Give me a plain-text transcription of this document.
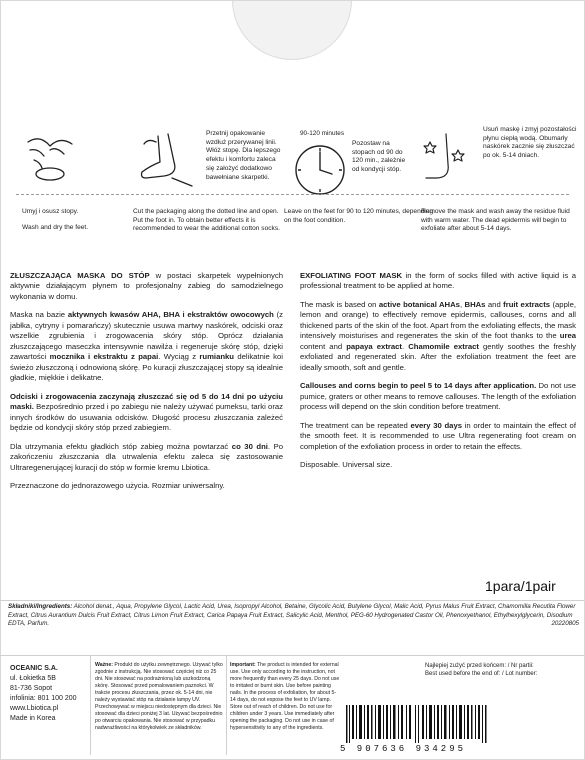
Umyj i osusz stopy.
Wash and dry the feet.
Przetnij opakowanie wzdłuż przerywanej linii. Włóż stopę. Dla lepszego efektu i komfortu zaleca się założyć dodatkowo bawełniane skarpetki.
Cut the packaging along the dotted line and open. Put the foot in. To obtain better effects it is recommended to wear the additional cotton socks.
90-120 minutes
Pozostaw na stopach od 90 do 120 min., zależnie od kondycji stóp.
Leave on the feet for 90 to 120 minutes, depending on the foot condition.
Usuń maskę i zmyj pozostałości płynu ciepłą wodą. Obumarły naskórek zacznie się złuszczać po ok. 5-14 dniach.
Remove the mask and wash away the residue fluid with warm water. The dead epidermis will begin to exfoliate after about 5-14 days.

ZŁUSZCZAJĄCA MASKA DO STÓP w postaci skarpetek wypełnionych aktywnie działającym płynem to profesjonalny zabieg do samodzielnego wykonania w domu.

Maska na bazie aktywnych kwasów AHA, BHA i ekstraktów owocowych (z jabłka, cytryny i pomarańczy) skutecznie usuwa martwy naskórek, odciski oraz wszelkie zgrubienia i zrogowacenia skóry stóp. Oprócz działania złuszczającego maseczka intensywnie nawilża i regeneruje skórę stóp, dzięki zawartości mocznika i ekstraktu z papai. Wyciąg z rumianku delikatnie koi świeżo złuszczoną i odnowioną skórę. Po kuracji złuszczającej stopy są idealnie gładkie, miękkie i delikatne.

Odciski i zrogowacenia zaczynają złuszczać się od 5 do 14 dni po użyciu maski. Bezpośrednio przed i po zabiegu nie należy używać pumeksu, tarki oraz innych środków do usuwania odcisków. Długość procesu złuszczania zależeć będzie od kondycji skóry stóp przed zabiegiem.

Dla utrzymania efektu gładkich stóp zabieg można powtarzać co 30 dni. Po zakończeniu złuszczania dla utrwalenia efektu zaleca się zastosowanie Ultraregenerującej kuracji do stóp w formie kremu Lbiotica.

Przeznaczone do jednorazowego użycia. Rozmiar uniwersalny.

EXFOLIATING FOOT MASK in the form of socks filled with active liquid is a professional treatment to be applied at home.

The mask is based on active botanical AHAs, BHAs and fruit extracts (apple, lemon and orange) to effectively remove epidermis, callouses, corns and all thickened parts of the skin of the foot. Apart from the exfoliating effects, the mask intensively moisturises and regenerates the skin of the foot thanks to the urea content and papaya extract. Chamomile extract gently soothes the freshly exfoliated and regenerated skin. After the exfoliation treatment the feet are ideally smooth, soft and gentle.

Callouses and corns begin to peel 5 to 14 days after application. Do not use pumice, graters or other means to remove callouses. The length of the exfoliation process will depend on the skin condition before treatment.

The treatment can be repeated every 30 days in order to maintain the effect of the smooth feet. It is recommended to use Ultra regenerating foot cream on completion of the exfoliation process in order to retain the effects.

Disposable. Universal size.

1para/1pair
Składniki/Ingredients: Alcohol denat., Aqua, Propylene Glycol, Lactic Acid, Urea, Isopropyl Alcohol, Betaine, Glycolic Acid, Butylene Glycol, Malic Acid, Pyrus Malus Fruit Extract, Chamomilla Recutita Flower Extract, Citrus Aurantium Dulcis Fruit Extract, Citrus Limon Fruit Extract, Carica Papaya Fruit Extract, Salicylic Acid, Menthol, PEG-60 Hydrogenated Castor Oil, Phenoxyethanol, Ethylhexylglycerin, Disodium EDTA, Parfum.	20220805
OCEANIC S.A.
ul. Łokietka 5B
81-736 Sopot
infolinia: 801 100 200
www.Lbiotica.pl
Made in Korea
Ważne: Produkt do użytku zewnętrznego. Używać tylko zgodnie z instrukcją. Nie stosować częściej niż co 25 dni. Nie stosować na podrażnioną lub uszkodzoną skórę. Stosować przed pomalowaniem paznokci. W trakcie procesu złuszczania, przez ok. 5-14 dni, nie należy wystawiać stóp na działanie lampy UV. Przechowywać w miejscu niedostępnym dla dzieci. Nie stosować dla dzieci poniżej 3 lat. Używać bezpośrednio po otwarciu opakowania. Nie stosować w przypadku nadwrażliwości na którykolwiek ze składników.
Important: The product is intended for external use. Use only according to the instruction, not more frequently than every 25 days. Do not use to irritated or burnt skin. Use before painting nails. In the process of exfoliation, for about 5-14 days, do not expose the feet to UV lamp. Store out of reach of children. Do not use for children under 3 years. Use immediately after opening the packaging. Do not use in case of hypersensitivity to any of the ingredients.
Najlepiej zużyć przed końcem: / Nr partii:
Best used before the end of: / Lot number:
5 907636 934295
